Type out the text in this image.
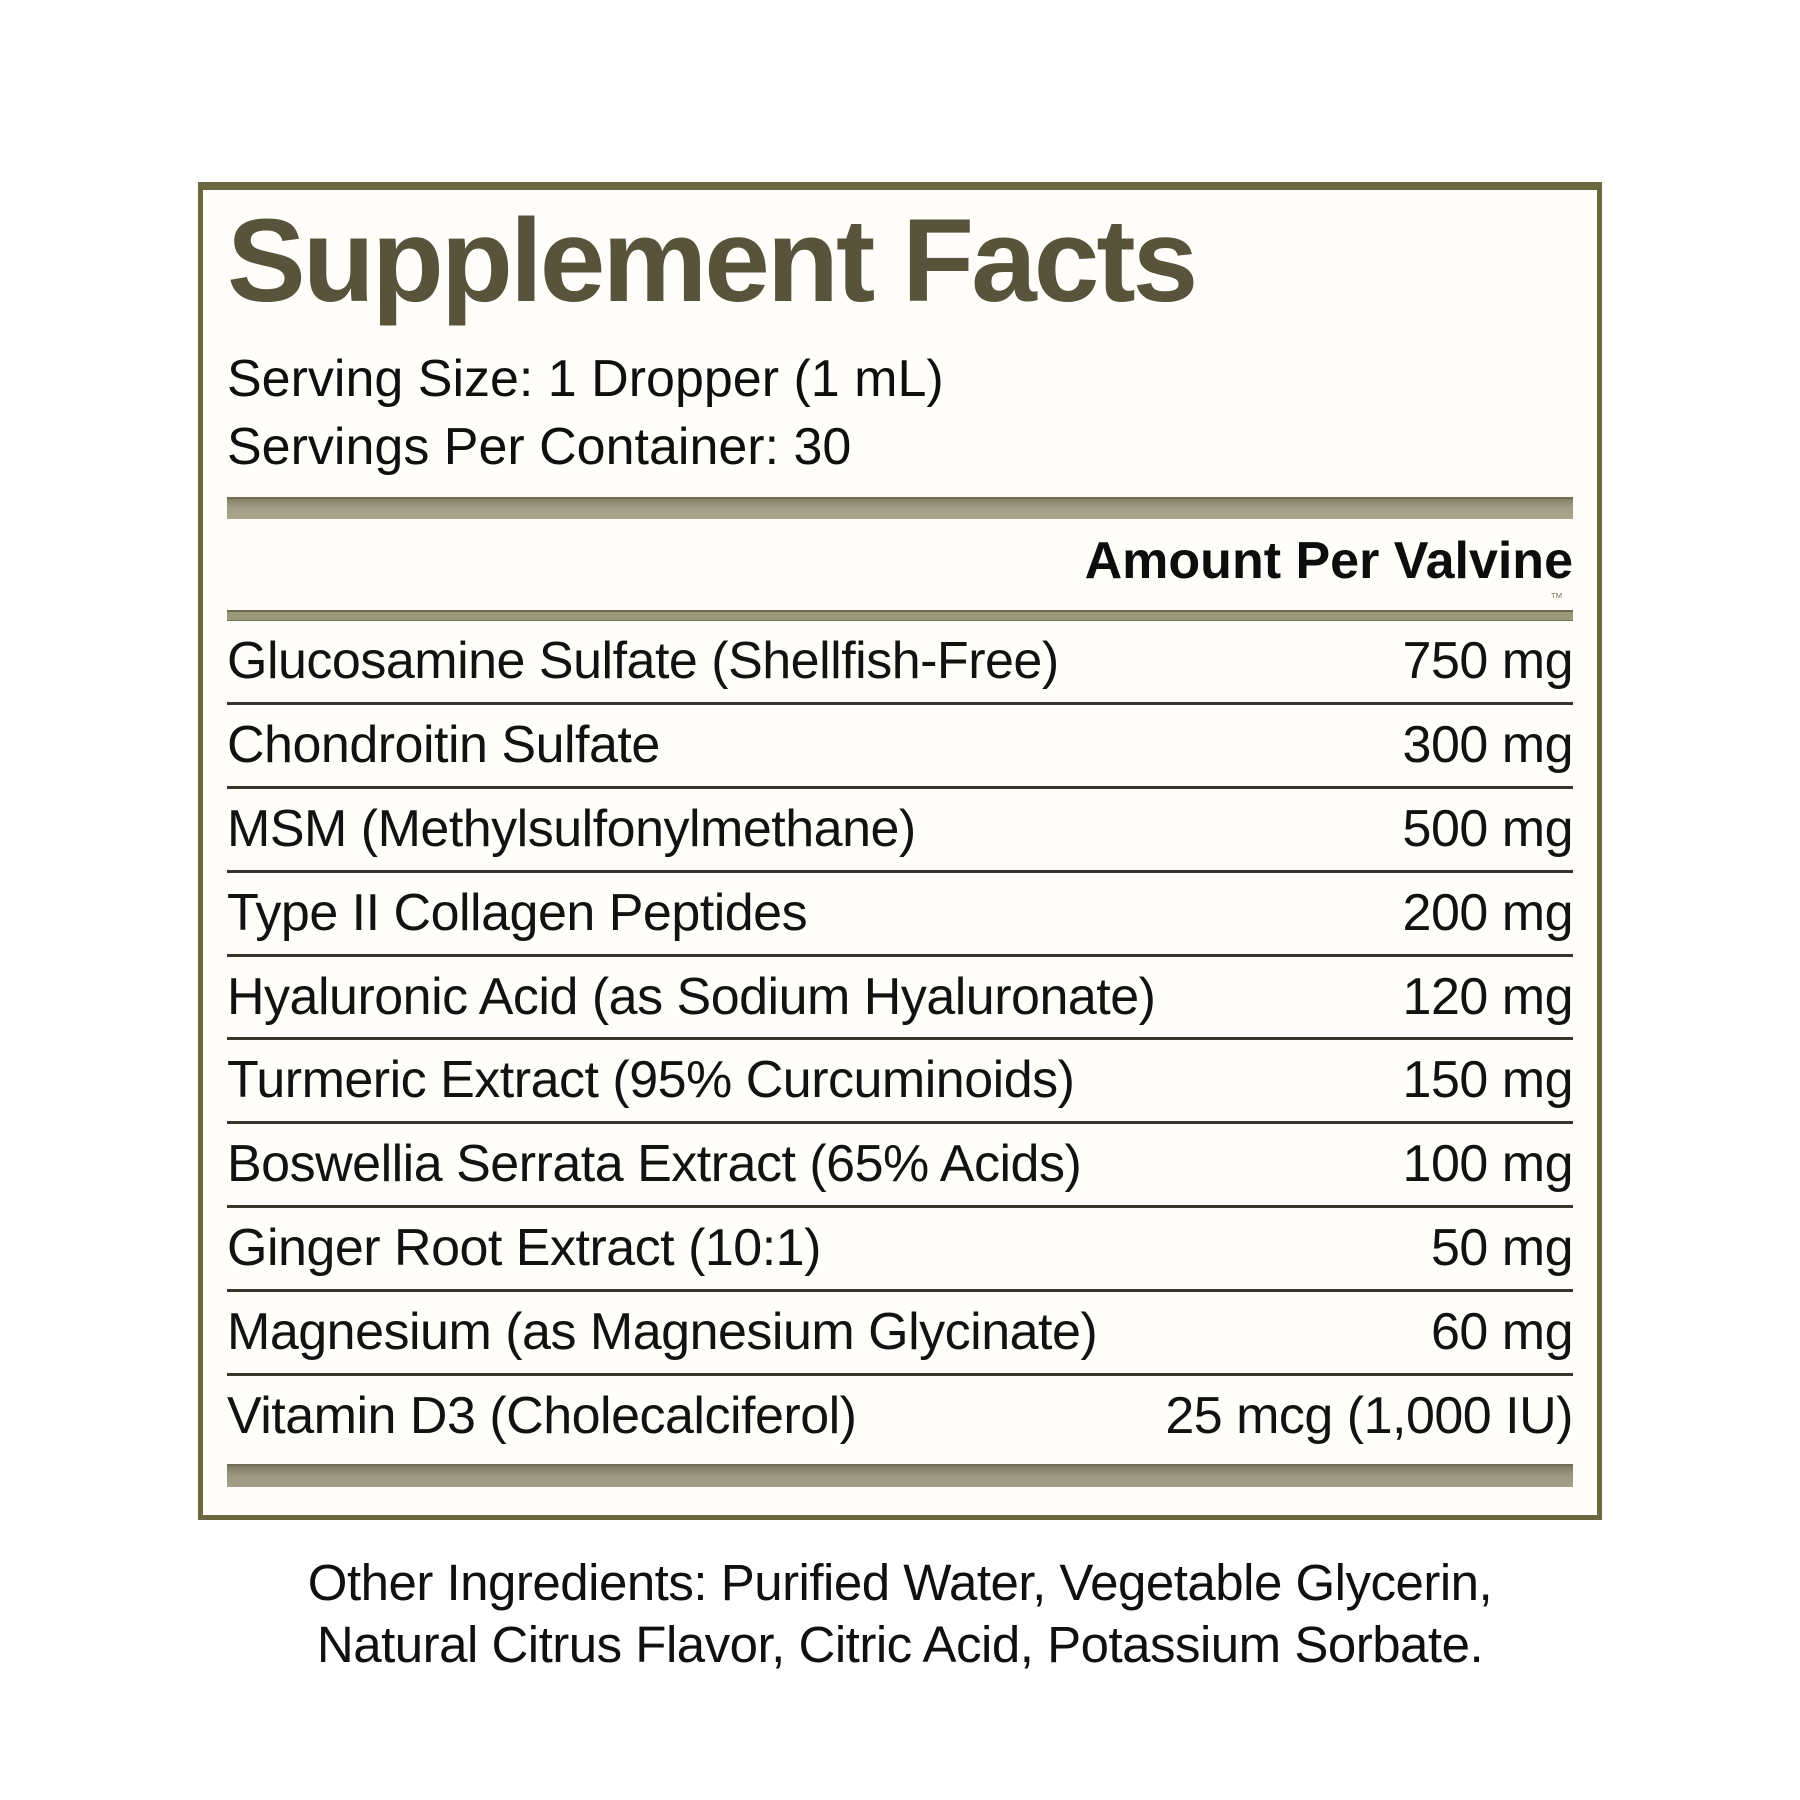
Supplement Facts
Serving Size: 1 Dropper (1 mL)
Servings Per Container: 30
Amount Per Valvine
™
Glucosamine Sulfate (Shellfish-Free)	750 mg
Chondroitin Sulfate	300 mg
MSM (Methylsulfonylmethane)	500 mg
Type II Collagen Peptides	200 mg
Hyaluronic Acid (as Sodium Hyaluronate)	120 mg
Turmeric Extract (95% Curcuminoids)	150 mg
Boswellia Serrata Extract (65% Acids)	100 mg
Ginger Root Extract (10:1)	50 mg
Magnesium (as Magnesium Glycinate)	60 mg
Vitamin D3 (Cholecalciferol)	25 mcg (1,000 IU)
Other Ingredients: Purified Water, Vegetable Glycerin,
Natural Citrus Flavor, Citric Acid, Potassium Sorbate.
